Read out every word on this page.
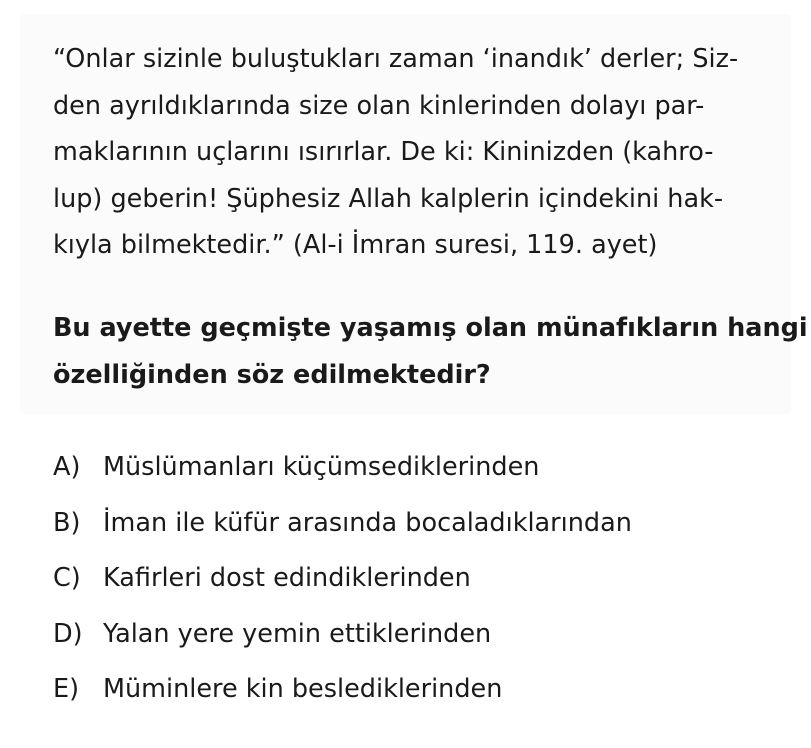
“Onlar sizinle buluştukları zaman ‘inandık’ derler; Siz-
den ayrıldıklarında size olan kinlerinden dolayı par-
maklarının uçlarını ısırırlar. De ki: Kininizden (kahro-
lup) geberin! Şüphesiz Allah kalplerin içindekini hak-
kıyla bilmektedir.” (Al-i İmran suresi, 119. ayet)

Bu ayette geçmişte yaşamış olan münafıkların hangi
özelliğinden söz edilmektedir?

A) Müslümanları küçümsediklerinden
B) İman ile küfür arasında bocaladıklarından
C) Kafirleri dost edindiklerinden
D) Yalan yere yemin ettiklerinden
E) Müminlere kin beslediklerinden
